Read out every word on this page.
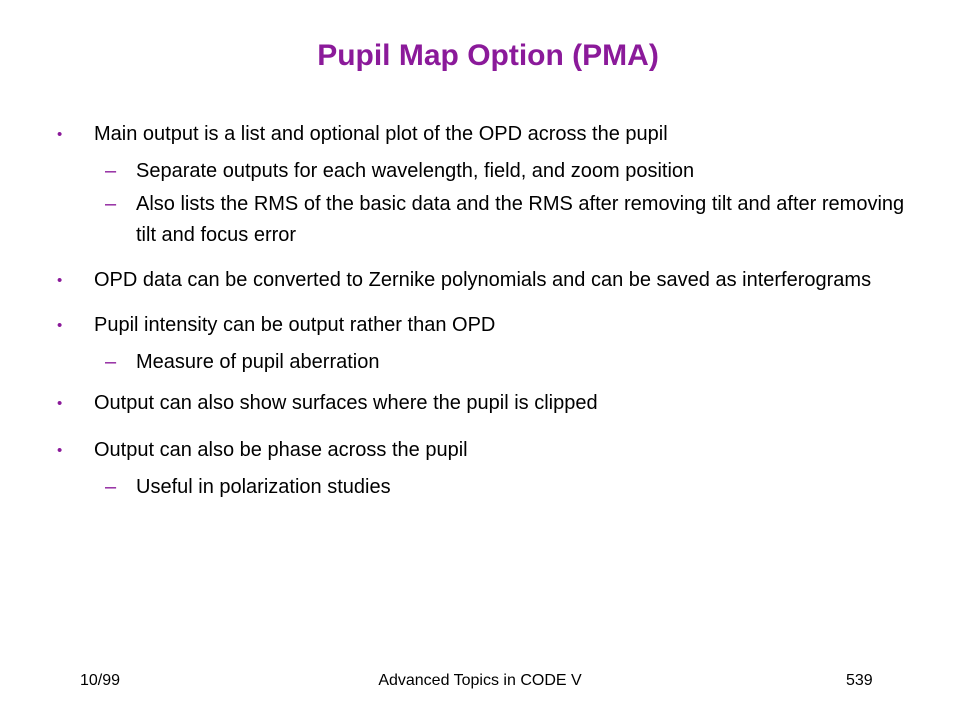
Pupil Map Option (PMA)
•	Main output is a list and optional plot of the OPD across the pupil
– Separate outputs for each wavelength, field, and zoom position
– Also lists the RMS of the basic data and the RMS after removing tilt and after removing tilt and focus error
•	OPD data can be converted to Zernike polynomials and can be saved as interferograms
•	Pupil intensity can be output rather than OPD
– Measure of pupil aberration
•	Output can also show surfaces where the pupil is clipped
•	Output can also be phase across the pupil
– Useful in polarization studies
10/99	Advanced Topics in CODE V	539
